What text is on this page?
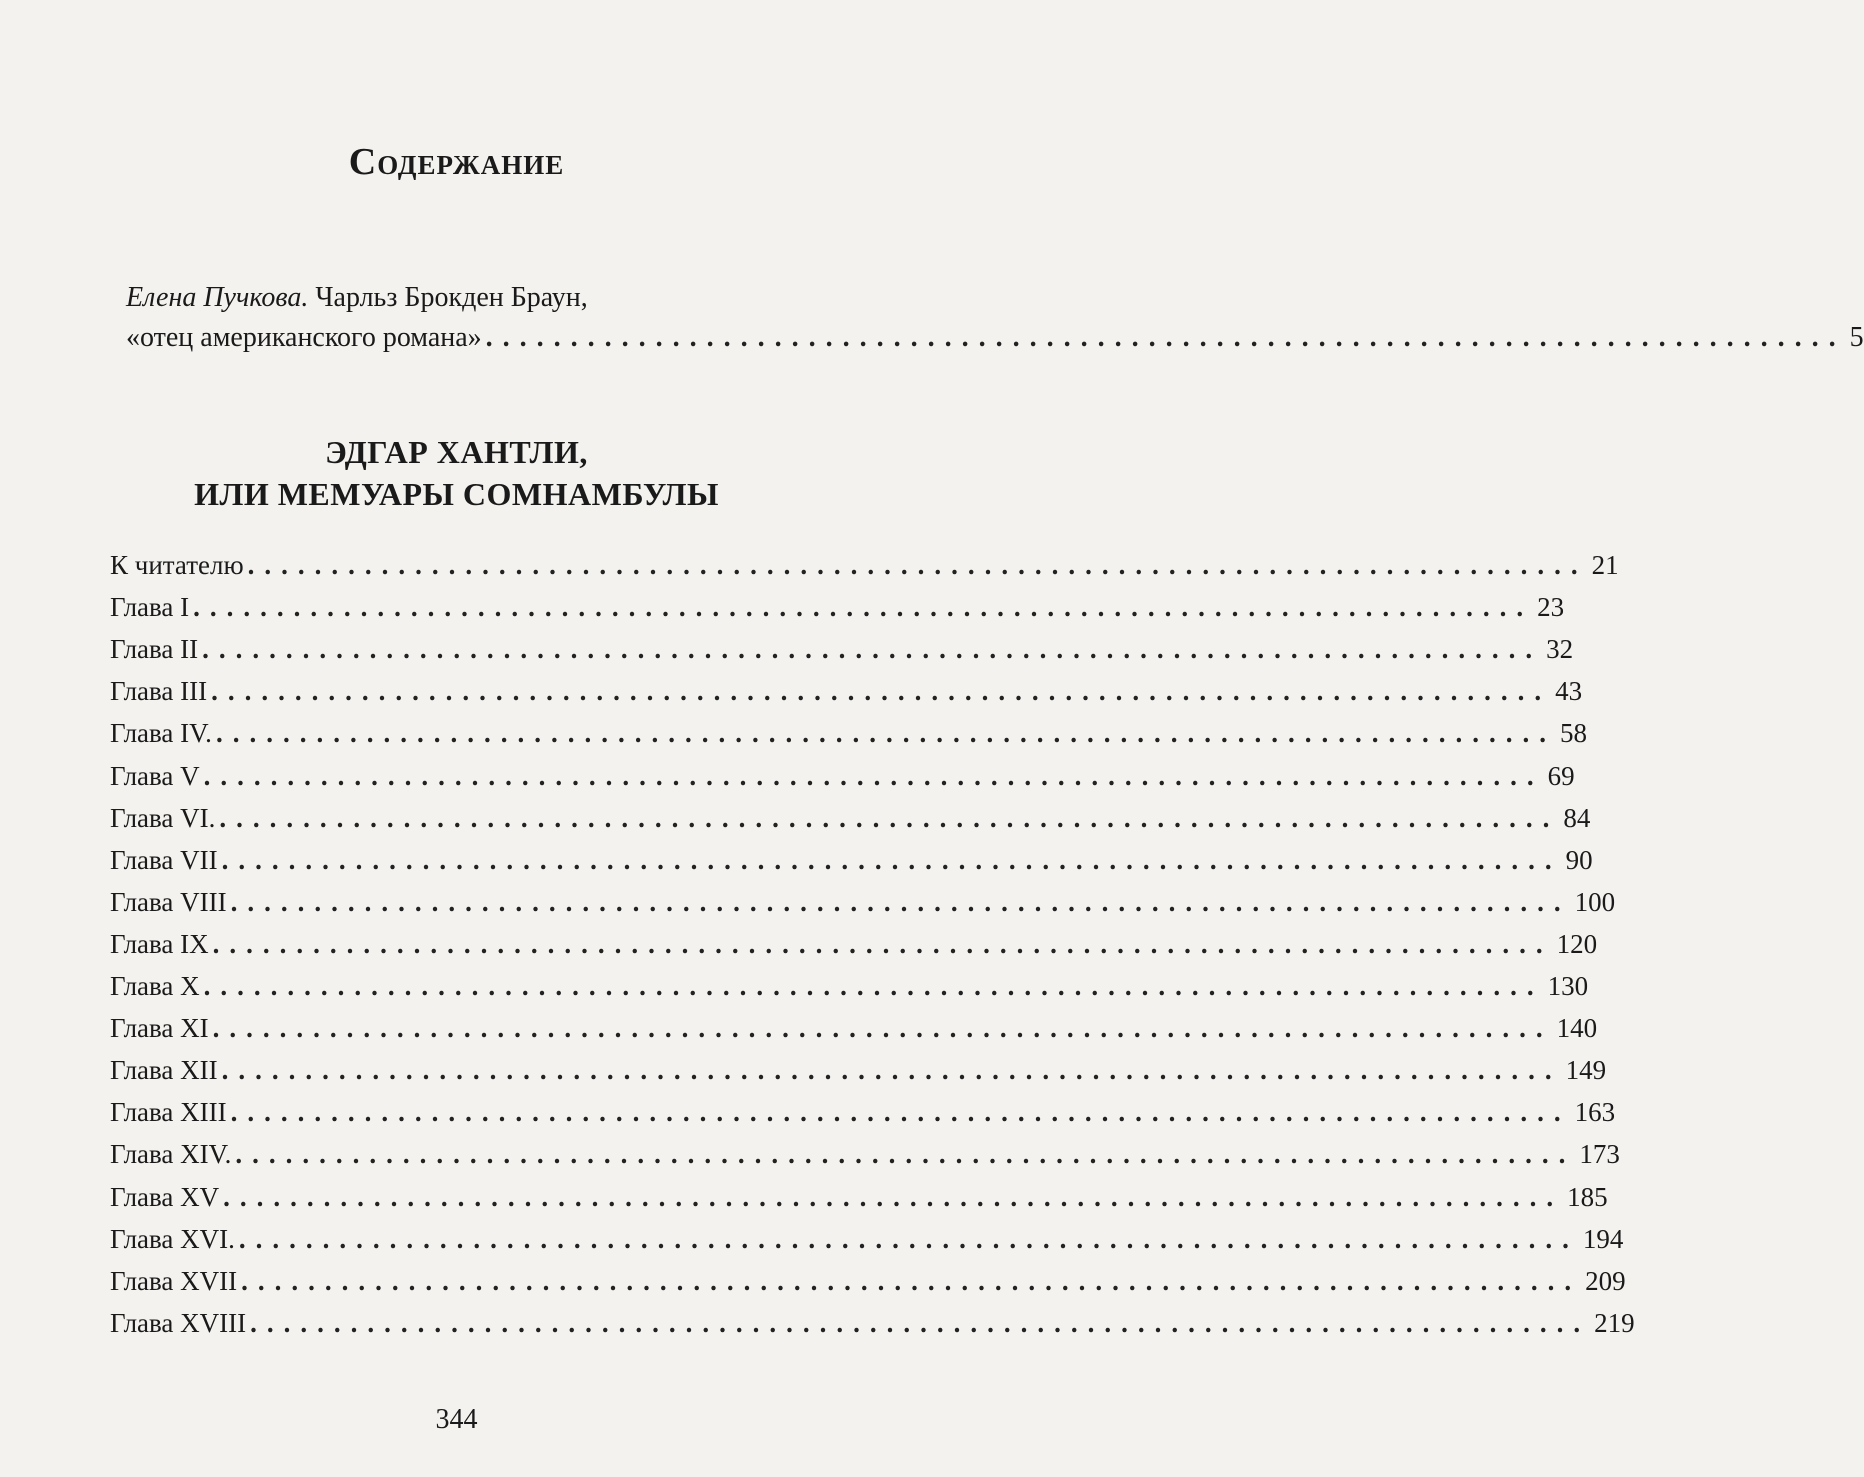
Содержание
Елена Пучкова. Чарльз Брокден Браун,
«отец американского романа» ................................................................................ 5
ЭДГАР ХАНТЛИ,
ИЛИ МЕМУАРЫ СОМНАМБУЛЫ
К читателю ................................................................................ 21
Глава I ................................................................................ 23
Глава II ................................................................................ 32
Глава III ................................................................................ 43
Глава IV. ................................................................................ 58
Глава V ................................................................................ 69
Глава VI. ................................................................................ 84
Глава VII ................................................................................ 90
Глава VIII ................................................................................ 100
Глава IX ................................................................................ 120
Глава X ................................................................................ 130
Глава XI ................................................................................ 140
Глава XII ................................................................................ 149
Глава XIII ................................................................................ 163
Глава XIV. ................................................................................ 173
Глава XV ................................................................................ 185
Глава XVI. ................................................................................ 194
Глава XVII ................................................................................ 209
Глава XVIII ................................................................................ 219
344
